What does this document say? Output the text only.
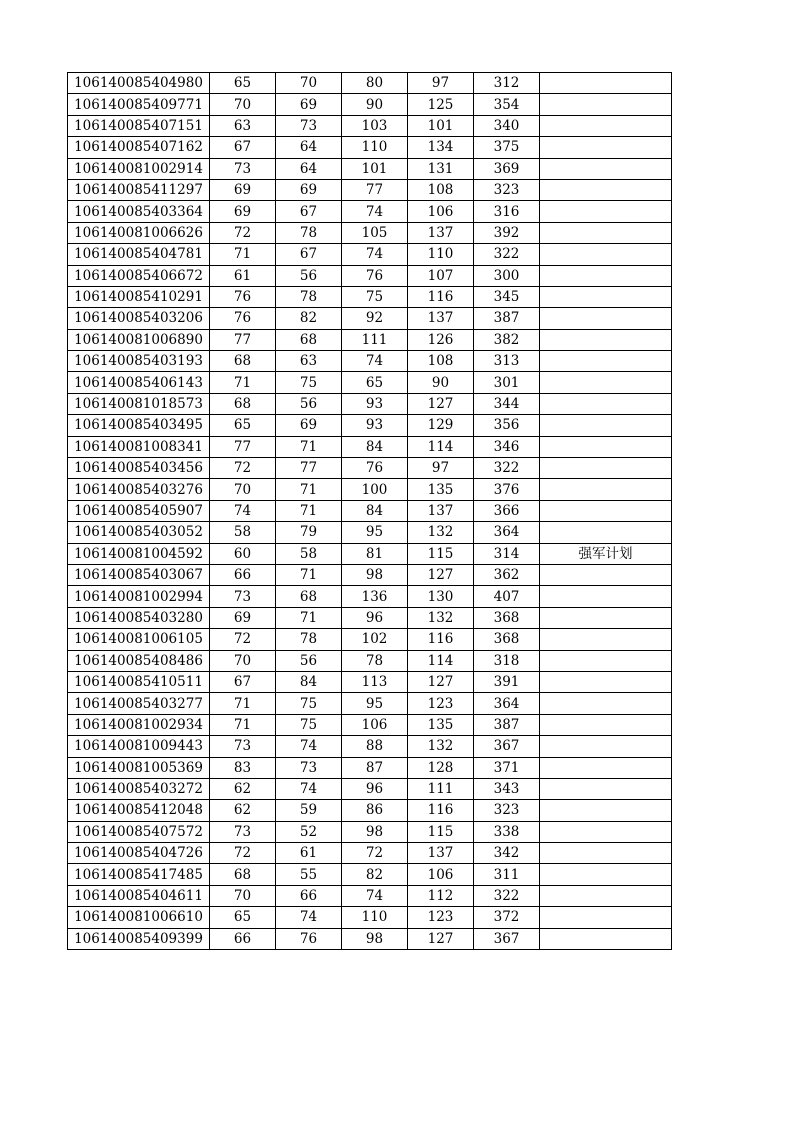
106140085404980	65	70	80	97	312	
106140085409771	70	69	90	125	354	
106140085407151	63	73	103	101	340	
106140085407162	67	64	110	134	375	
106140081002914	73	64	101	131	369	
106140085411297	69	69	77	108	323	
106140085403364	69	67	74	106	316	
106140081006626	72	78	105	137	392	
106140085404781	71	67	74	110	322	
106140085406672	61	56	76	107	300	
106140085410291	76	78	75	116	345	
106140085403206	76	82	92	137	387	
106140081006890	77	68	111	126	382	
106140085403193	68	63	74	108	313	
106140085406143	71	75	65	90	301	
106140081018573	68	56	93	127	344	
106140085403495	65	69	93	129	356	
106140081008341	77	71	84	114	346	
106140085403456	72	77	76	97	322	
106140085403276	70	71	100	135	376	
106140085405907	74	71	84	137	366	
106140085403052	58	79	95	132	364	
106140081004592	60	58	81	115	314	强军计划
106140085403067	66	71	98	127	362	
106140081002994	73	68	136	130	407	
106140085403280	69	71	96	132	368	
106140081006105	72	78	102	116	368	
106140085408486	70	56	78	114	318	
106140085410511	67	84	113	127	391	
106140085403277	71	75	95	123	364	
106140081002934	71	75	106	135	387	
106140081009443	73	74	88	132	367	
106140081005369	83	73	87	128	371	
106140085403272	62	74	96	111	343	
106140085412048	62	59	86	116	323	
106140085407572	73	52	98	115	338	
106140085404726	72	61	72	137	342	
106140085417485	68	55	82	106	311	
106140085404611	70	66	74	112	322	
106140081006610	65	74	110	123	372	
106140085409399	66	76	98	127	367	
